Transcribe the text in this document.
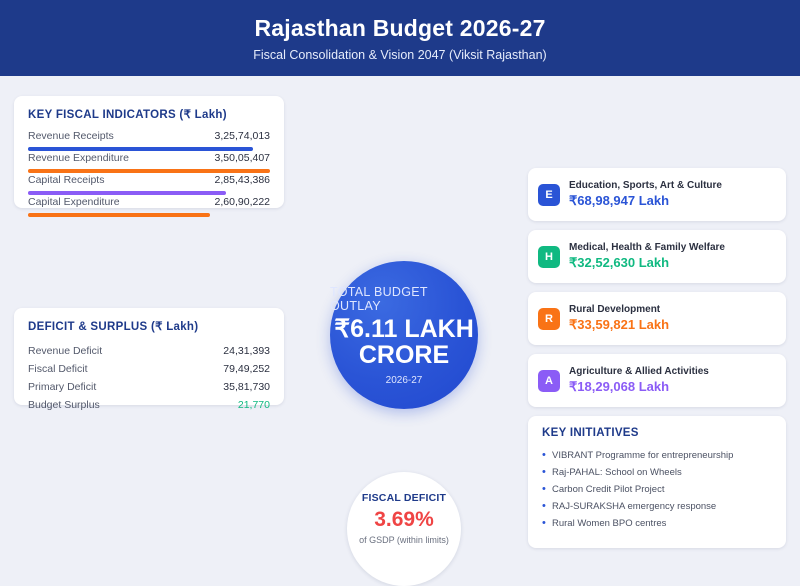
Rajasthan Budget 2026-27
Fiscal Consolidation & Vision 2047 (Viksit Rajasthan)
KEY FISCAL INDICATORS (₹ Lakh)
Revenue Receipts	3,25,74,013
Revenue Expenditure	3,50,05,407
Capital Receipts	2,85,43,386
Capital Expenditure	2,60,90,222
DEFICIT & SURPLUS (₹ Lakh)
Revenue Deficit	24,31,393
Fiscal Deficit	79,49,252
Primary Deficit	35,81,730
Budget Surplus	21,770
TOTAL BUDGET OUTLAY
₹6.11 LAKH
CRORE
2026-27
FISCAL DEFICIT
3.69%
of GSDP (within limits)
E
Education, Sports, Art & Culture
₹68,98,947 Lakh
H
Medical, Health & Family Welfare
₹32,52,630 Lakh
R
Rural Development
₹33,59,821 Lakh
A
Agriculture & Allied Activities
₹18,29,068 Lakh
KEY INITIATIVES
• VIBRANT Programme for entrepreneurship
• Raj-PAHAL: School on Wheels
• Carbon Credit Pilot Project
• RAJ-SURAKSHA emergency response
• Rural Women BPO centres
